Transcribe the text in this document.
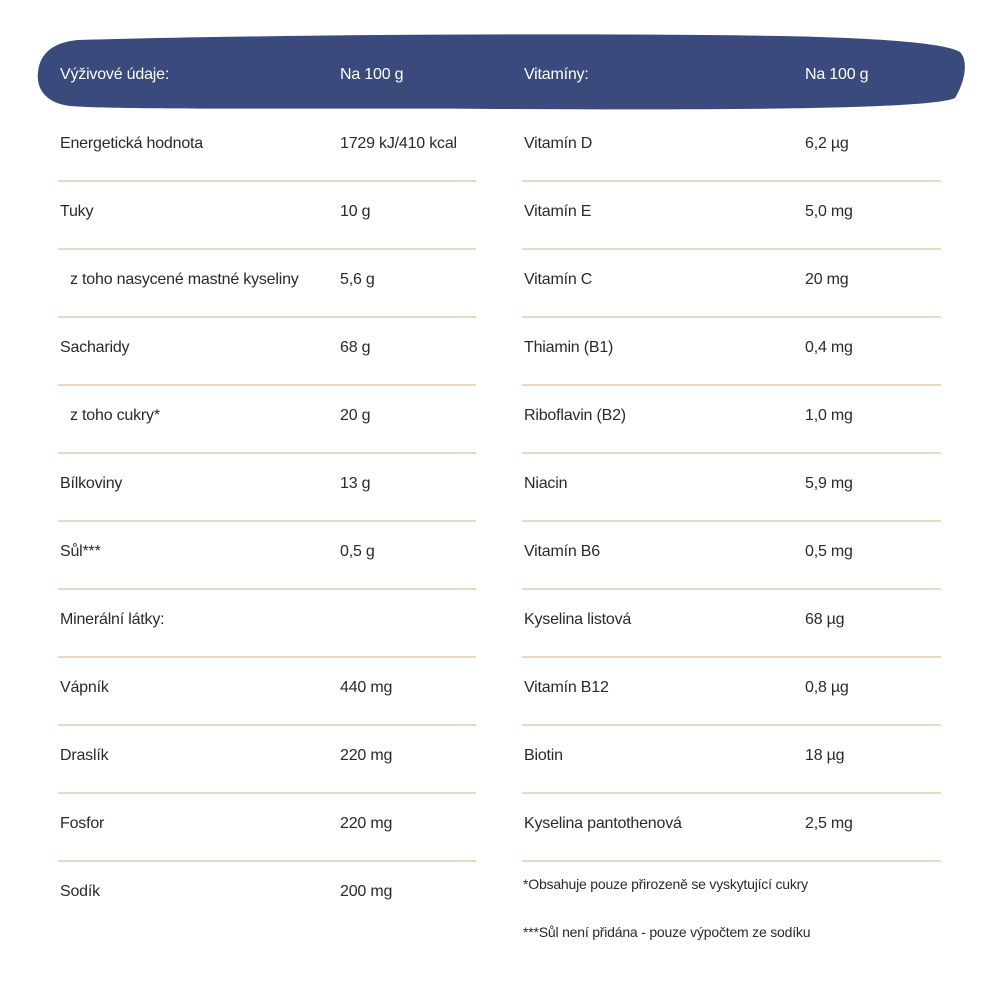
Výživové údaje:	Na 100 g	Vitamíny:	Na 100 g
Energetická hodnota	1729 kJ/410 kcal
Tuky	10 g
z toho nasycené mastné kyseliny	5,6 g
Sacharidy	68 g
z toho cukry*	20 g
Bílkoviny	13 g
Sůl***	0,5 g
Minerální látky:
Vápník	440 mg
Draslík	220 mg
Fosfor	220 mg
Sodík	200 mg
Vitamín D	6,2 µg
Vitamín E	5,0 mg
Vitamín C	20 mg
Thiamin (B1)	0,4 mg
Riboflavin (B2)	1,0 mg
Niacin	5,9 mg
Vitamín B6	0,5 mg
Kyselina listová	68 µg
Vitamín B12	0,8 µg
Biotin	18 µg
Kyselina pantothenová	2,5 mg
*Obsahuje pouze přirozeně se vyskytující cukry
***Sůl není přidána - pouze výpočtem ze sodíku
